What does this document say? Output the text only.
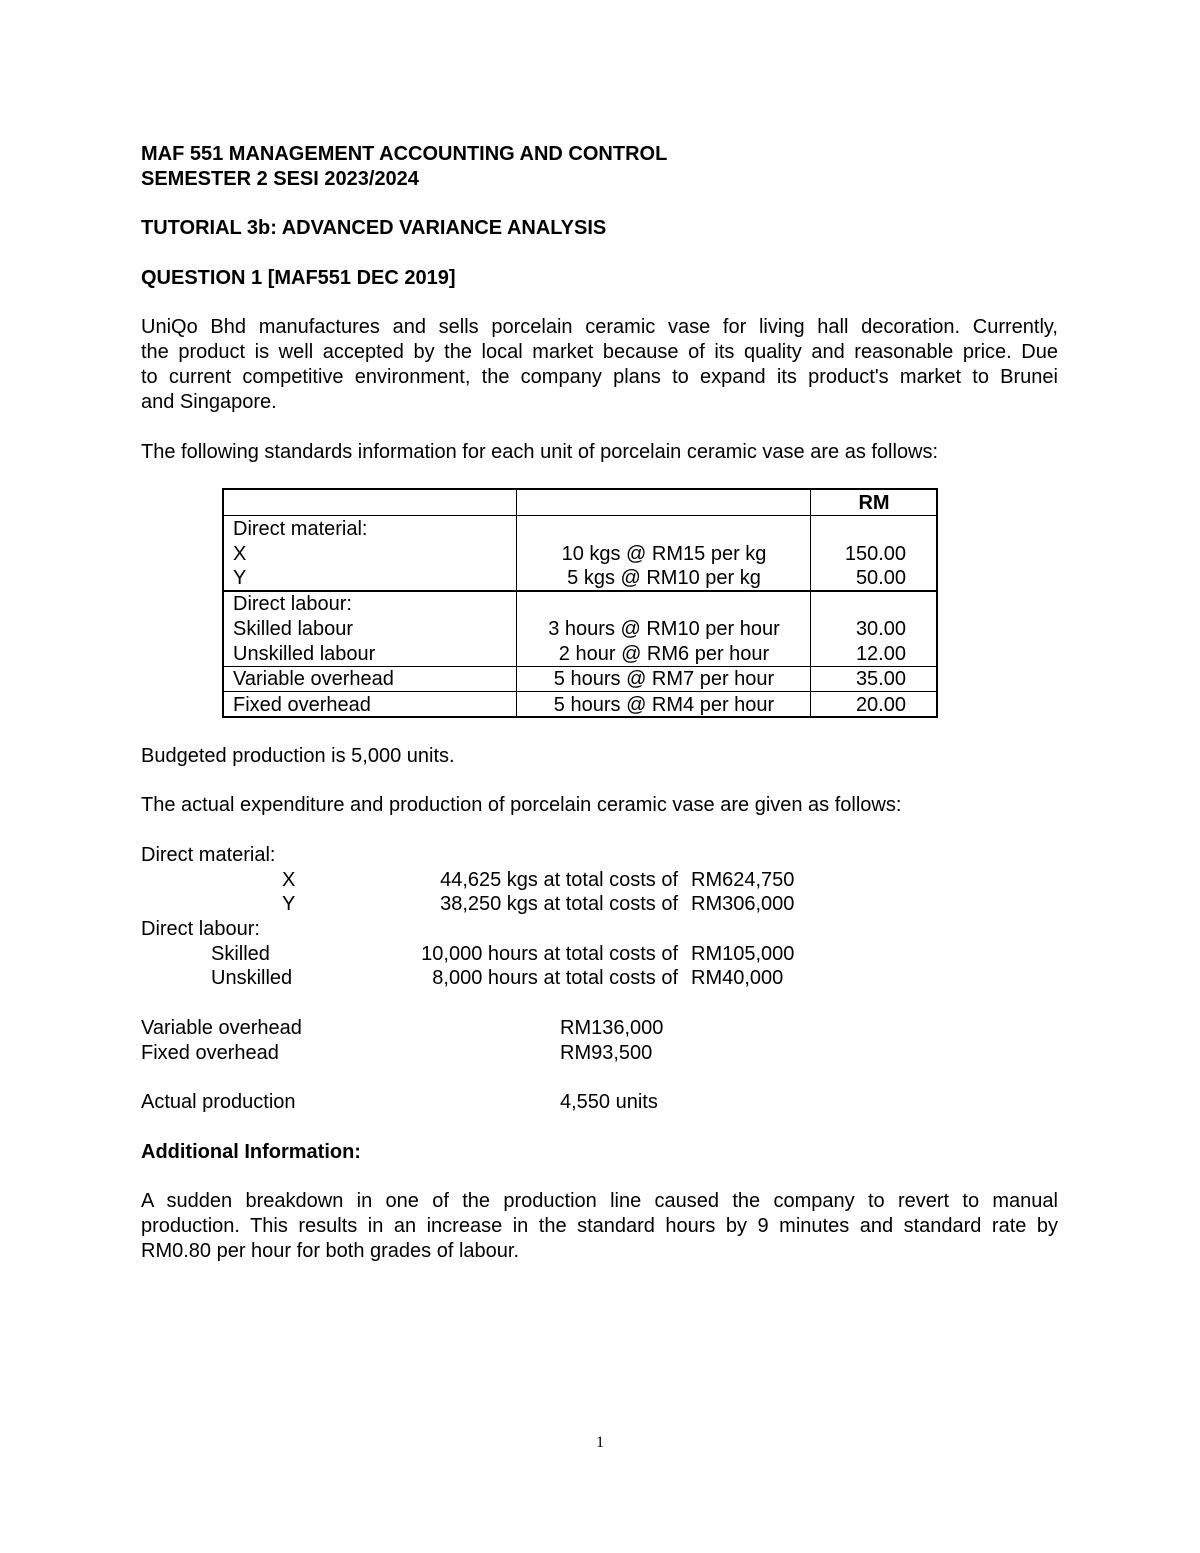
MAF 551 MANAGEMENT ACCOUNTING AND CONTROL
SEMESTER 2 SESI 2023/2024
TUTORIAL 3b: ADVANCED VARIANCE ANALYSIS
QUESTION 1 [MAF551 DEC 2019]
UniQo Bhd manufactures and sells porcelain ceramic vase for living hall decoration. Currently,
the product is well accepted by the local market because of its quality and reasonable price. Due
to current competitive environment, the company plans to expand its product's market to Brunei
and Singapore.
The following standards information for each unit of porcelain ceramic vase are as follows:
RM
Direct material:
X	10 kgs @ RM15 per kg	150.00
Y	5 kgs @ RM10 per kg	50.00
Direct labour:
Skilled labour	3 hours @ RM10 per hour	30.00
Unskilled labour	2 hour @ RM6 per hour	12.00
Variable overhead	5 hours @ RM7 per hour	35.00
Fixed overhead	5 hours @ RM4 per hour	20.00
Budgeted production is 5,000 units.
The actual expenditure and production of porcelain ceramic vase are given as follows:
Direct material:
X	44,625 kgs at total costs of RM624,750
Y	38,250 kgs at total costs of RM306,000
Direct labour:
Skilled	10,000 hours at total costs of RM105,000
Unskilled	8,000 hours at total costs of RM40,000
Variable overhead	RM136,000
Fixed overhead	RM93,500
Actual production	4,550 units
Additional Information:
A sudden breakdown in one of the production line caused the company to revert to manual
production. This results in an increase in the standard hours by 9 minutes and standard rate by
RM0.80 per hour for both grades of labour.
1
